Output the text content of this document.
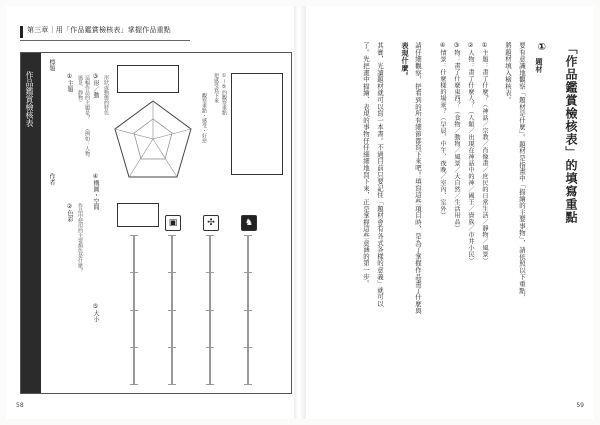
第三章｜用「作品鑑賞檢核表」掌握作品重點
作品鑑賞檢核表
標題
作者
①主題	這幅作品的主題是？ （例如：人物、風景、靜物）
②色彩 作品中使用的主要顏色是什麼？
③形／動 形狀或動態的特色
④構圖・空間
⑤大小
▣	✣	♞
①～⑤的觀察重點
把感受寫下來
觀察重點・感受・好惡
58
「作品鑑賞檢核表」的填寫重點
①
題材
要有意識地觀察「題材是什麼」。題材是指畫中「描繪的主要事物」，請依照以下重點，
將題材填入檢核表。
①主題：畫了什麼？（神話／宗教／肖像畫／庶民的日常生活／靜物／風景）
②人物：畫了什麼人？（人類／出現在神話中的神／國王／貴族／市井小民）
③物：畫了什麼東西？（食物／動物／風景／大自然／生活用品）
④情景：什麼樣的場景？（早晨、中午、夜晚／室內、室外）
請仔細觀察，把看到的所有細節都寫下來吧！填寫這些項目時，是為了掌握作品畫了什麼與
表現什麼。
其實，光讀題材就可以寫一本書。不過目前只要記住「題材會有各式各樣的意義」就可以
了。先把畫中描繪、表現的事物仔仔細細地寫下來，正是掌握這些意涵的第一步。
59
